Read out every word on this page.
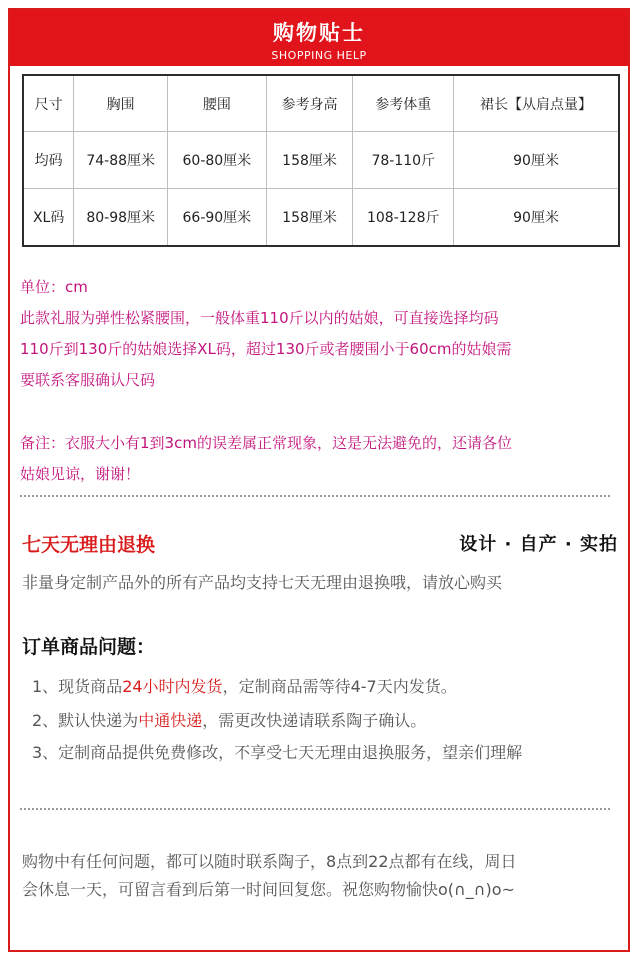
购物贴士
SHOPPING HELP
尺寸	胸围	腰围	参考身高	参考体重	裙长【从肩点量】
均码	74-88厘米	60-80厘米	158厘米	78-110斤	90厘米
XL码	80-98厘米	66-90厘米	158厘米	108-128斤	90厘米
单位：cm
此款礼服为弹性松紧腰围，一般体重110斤以内的姑娘，可直接选择均码
110斤到130斤的姑娘选择XL码，超过130斤或者腰围小于60cm的姑娘需
要联系客服确认尺码
备注：衣服大小有1到3cm的误差属正常现象，这是无法避免的，还请各位
姑娘见谅，谢谢！
七天无理由退换	设计 · 自产 · 实拍
非量身定制产品外的所有产品均支持七天无理由退换哦，请放心购买
订单商品问题：
1、现货商品24小时内发货，定制商品需等待4-7天内发货。
2、默认快递为中通快递，需更改快递请联系陶子确认。
3、定制商品提供免费修改，不享受七天无理由退换服务，望亲们理解
购物中有任何问题，都可以随时联系陶子，8点到22点都有在线，周日
会休息一天，可留言看到后第一时间回复您。祝您购物愉快o(∩_∩)o~
